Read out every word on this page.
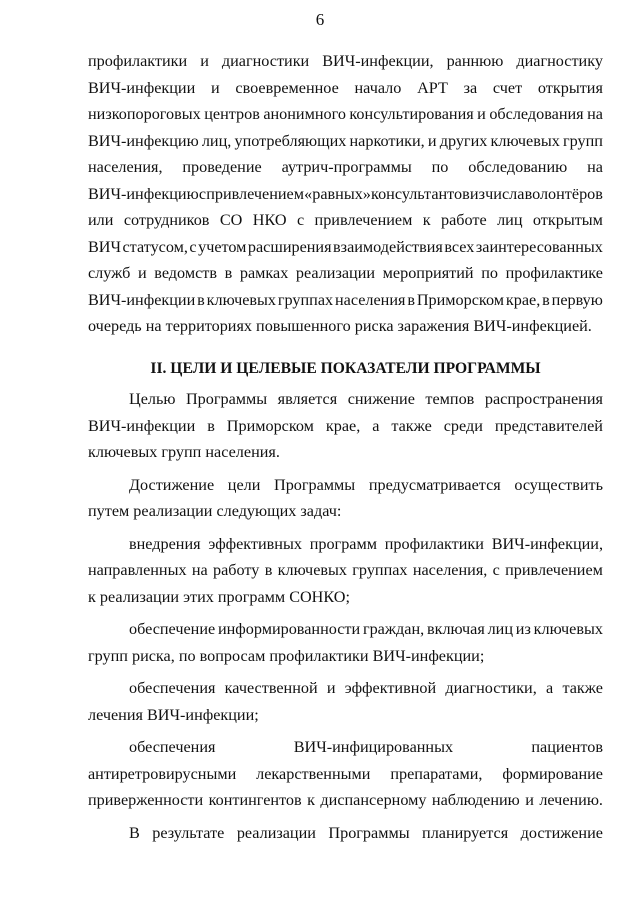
6
профилактики и диагностики ВИЧ-инфекции, раннюю диагностику
ВИЧ-инфекции и своевременное начало АРТ за счет открытия
низкопороговых центров анонимного консультирования и обследования на
ВИЧ-инфекцию лиц, употребляющих наркотики, и других ключевых групп
населения, проведение аутрич-программы по обследованию на
ВИЧ-инфекцию с привлечением «равных» консультантов из числа волонтёров
или сотрудников СО НКО с привлечением к работе лиц открытым
ВИЧ статусом, с учетом расширения взаимодействия всех заинтересованных
служб и ведомств в рамках реализации мероприятий по профилактике
ВИЧ-инфекции в ключевых группах населения в Приморском крае, в первую
очередь на территориях повышенного риска заражения ВИЧ-инфекцией.
II. ЦЕЛИ И ЦЕЛЕВЫЕ ПОКАЗАТЕЛИ ПРОГРАММЫ
Целью Программы является снижение темпов распространения
ВИЧ-инфекции в Приморском крае, а также среди представителей
ключевых групп населения.
Достижение цели Программы предусматривается осуществить
путем реализации следующих задач:
внедрения эффективных программ профилактики ВИЧ-инфекции,
направленных на работу в ключевых группах населения, с привлечением
к реализации этих программ СОНКО;
обеспечение информированности граждан, включая лиц из ключевых
групп риска, по вопросам профилактики ВИЧ-инфекции;
обеспечения качественной и эффективной диагностики, а также
лечения ВИЧ-инфекции;
обеспечения	ВИЧ-инфицированных	пациентов
антиретровирусными лекарственными препаратами, формирование
приверженности контингентов к диспансерному наблюдению и лечению.
В результате реализации Программы планируется достижение
